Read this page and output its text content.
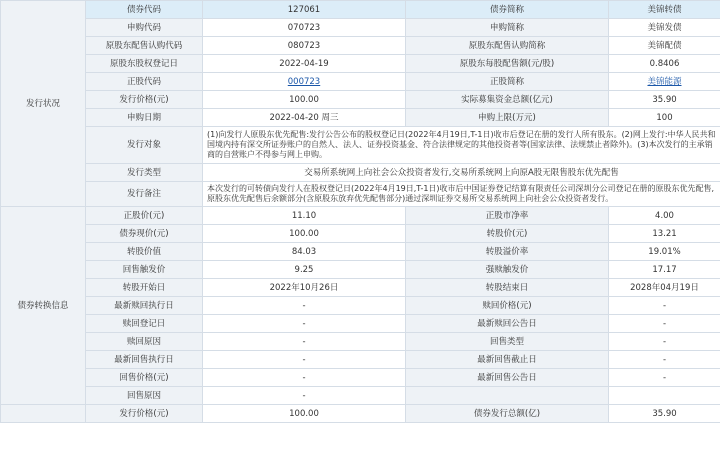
发行状况	债券代码	127061	债券简称	美锦转债
	申购代码	070723	申购简称	美锦发债
	原股东配售认购代码	080723	原股东配售认购简称	美锦配债
	原股东股权登记日	2022-04-19	原股东每股配售额(元/股)	0.8406
	正股代码	000723	正股简称	美锦能源
	发行价格(元)	100.00	实际募集资金总额(亿元)	35.90
	申购日期	2022-04-20 周三	申购上限(万元)	100
	发行对象	(1)向发行人原股东优先配售:发行公告公布的股权登记日(2022年4月19日,T-1日)收市后登记在册的发行人所有股东。(2)网上发行:中华人民共和国境内持有深交所证券账户的自然人、法人、证券投资基金、符合法律规定的其他投资者等(国家法律、法规禁止者除外)。(3)本次发行的主承销商的自营账户不得参与网上申购。		
	发行类型	交易所系统网上向社会公众投资者发行,交易所系统网上向原A股无限售股东优先配售		
	发行备注	本次发行的可转债向发行人在股权登记日(2022年4月19日,T-1日)收市后中国证券登记结算有限责任公司深圳分公司登记在册的原股东优先配售,原股东优先配售后余额部分(含原股东放弃优先配售部分)通过深圳证券交易所交易系统网上向社会公众投资者发行。		
债券转换信息	正股价(元)	11.10	正股市净率	4.00
	债券现价(元)	100.00	转股价(元)	13.21
	转股价值	84.03	转股溢价率	19.01%
	回售触发价	9.25	强赎触发价	17.17
	转股开始日	2022年10月26日	转股结束日	2028年04月19日
	最新赎回执行日	-	赎回价格(元)	-
	赎回登记日	-	最新赎回公告日	-
	赎回原因	-	回售类型	-
	最新回售执行日	-	最新回售截止日	-
	回售价格(元)	-	最新回售公告日	-
	回售原因	-		
	发行价格(元)	100.00	债券发行总额(亿)	35.90
